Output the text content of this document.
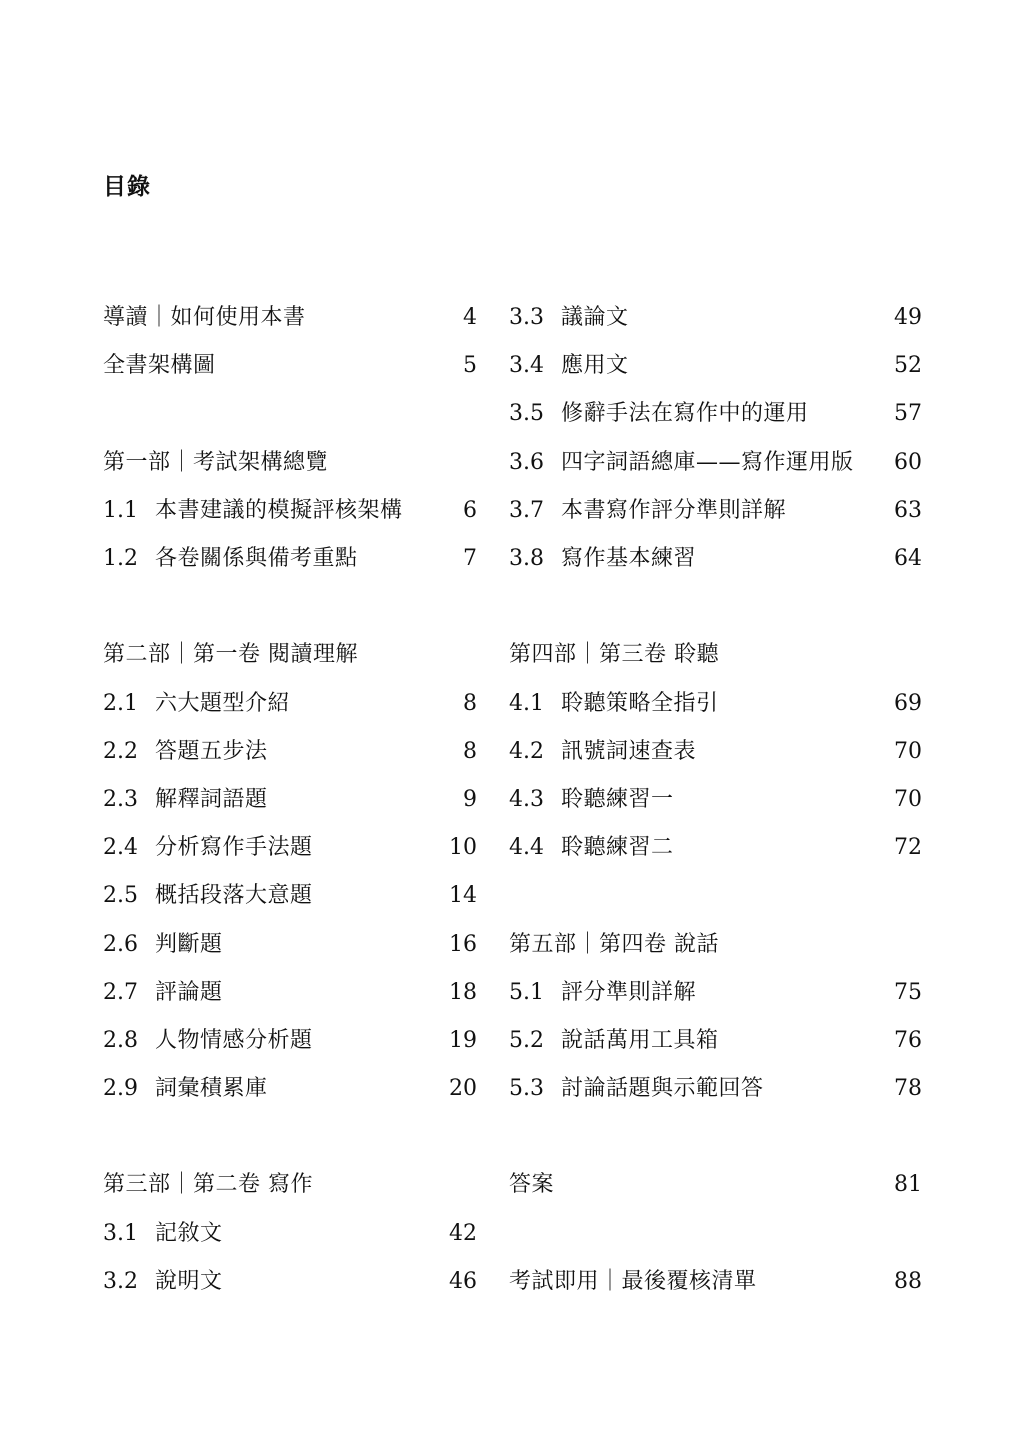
目錄
導讀｜如何使用本書	4
全書架構圖	5
第一部｜考試架構總覽
1.1 本書建議的模擬評核架構	6
1.2 各卷關係與備考重點	7
第二部｜第一卷 閱讀理解
2.1 六大題型介紹	8
2.2 答題五步法	8
2.3 解釋詞語題	9
2.4 分析寫作手法題	10
2.5 概括段落大意題	14
2.6 判斷題	16
2.7 評論題	18
2.8 人物情感分析題	19
2.9 詞彙積累庫	20
第三部｜第二卷 寫作
3.1 記敘文	42
3.2 說明文	46
3.3 議論文	49
3.4 應用文	52
3.5 修辭手法在寫作中的運用	57
3.6 四字詞語總庫——寫作運用版	60
3.7 本書寫作評分準則詳解	63
3.8 寫作基本練習	64
第四部｜第三卷 聆聽
4.1 聆聽策略全指引	69
4.2 訊號詞速查表	70
4.3 聆聽練習一	70
4.4 聆聽練習二	72
第五部｜第四卷 說話
5.1 評分準則詳解	75
5.2 說話萬用工具箱	76
5.3 討論話題與示範回答	78
答案	81
考試即用｜最後覆核清單	88
